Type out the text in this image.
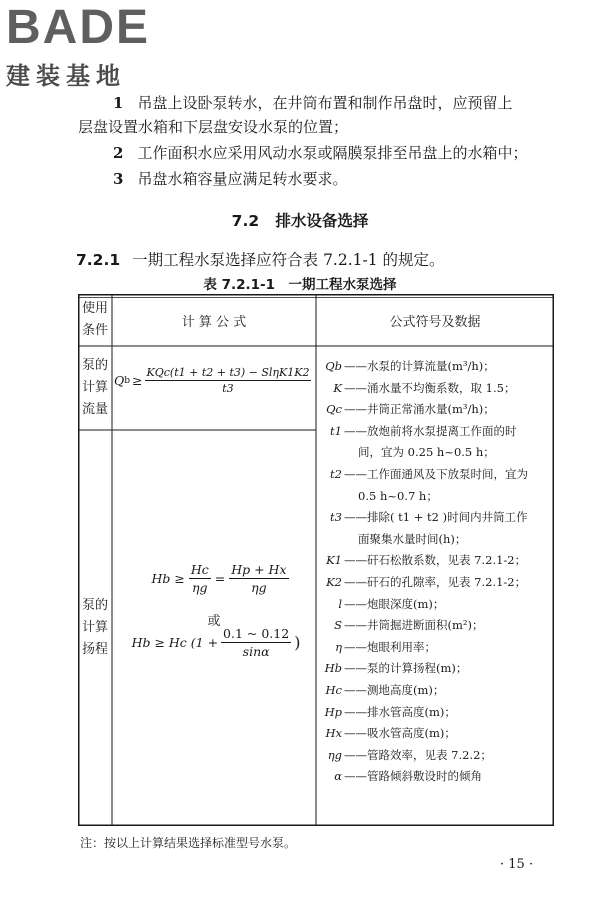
BADE
建装基地
1 吊盘上设卧泵转水，在井筒布置和制作吊盘时，应预留上
层盘设置水箱和下层盘安设水泵的位置；
2 工作面积水应采用风动水泵或隔膜泵排至吊盘上的水箱中；
3 吊盘水箱容量应满足转水要求。
7.2 排水设备选择
7.2.1 一期工程水泵选择应符合表 7.2.1-1 的规定。
表 7.2.1-1　一期工程水泵选择
使用条件
计 算 公 式	公式符号及数据
泵的计算流量
泵的计算扬程
Q $b \ge \frac{\text{KQc(t1 + t2 + t3) − SlηK1K2}}{t3}$
$Hb \ge \frac{Hc}{\eta g} = \frac{Hp + Hx}{\eta g}$
或
Hb ≥ Hc ($1 + \frac{0.1 \sim 0.12}{\sin\alpha}$ )
Qb ——水泵的计算流量(m³/h)；
K ——涌水量不均衡系数，取 1.5；
Qc ——井筒正常涌水量(m³/h)；
t1 ——放炮前将水泵提离工作面的时
间，宜为 0.25 h~0.5 h；
t2 ——工作面通风及下放泵时间，宜为
0.5 h~0.7 h；
t3 ——排除( t1 + t2 )时间内井筒工作
面聚集水量时间(h)；
K1 ——矸石松散系数，见表 7.2.1-2；
K2 ——矸石的孔隙率，见表 7.2.1-2；
l ——炮眼深度(m)；
S ——井筒掘进断面积(m²)；
η ——炮眼利用率；
Hb ——泵的计算扬程(m)；
Hc ——测地高度(m)；
Hp ——排水管高度(m)；
Hx ——吸水管高度(m)；
ηg ——管路效率，见表 7.2.2；
α ——管路倾斜敷设时的倾角
注：按以上计算结果选择标准型号水泵。
· 15 ·
